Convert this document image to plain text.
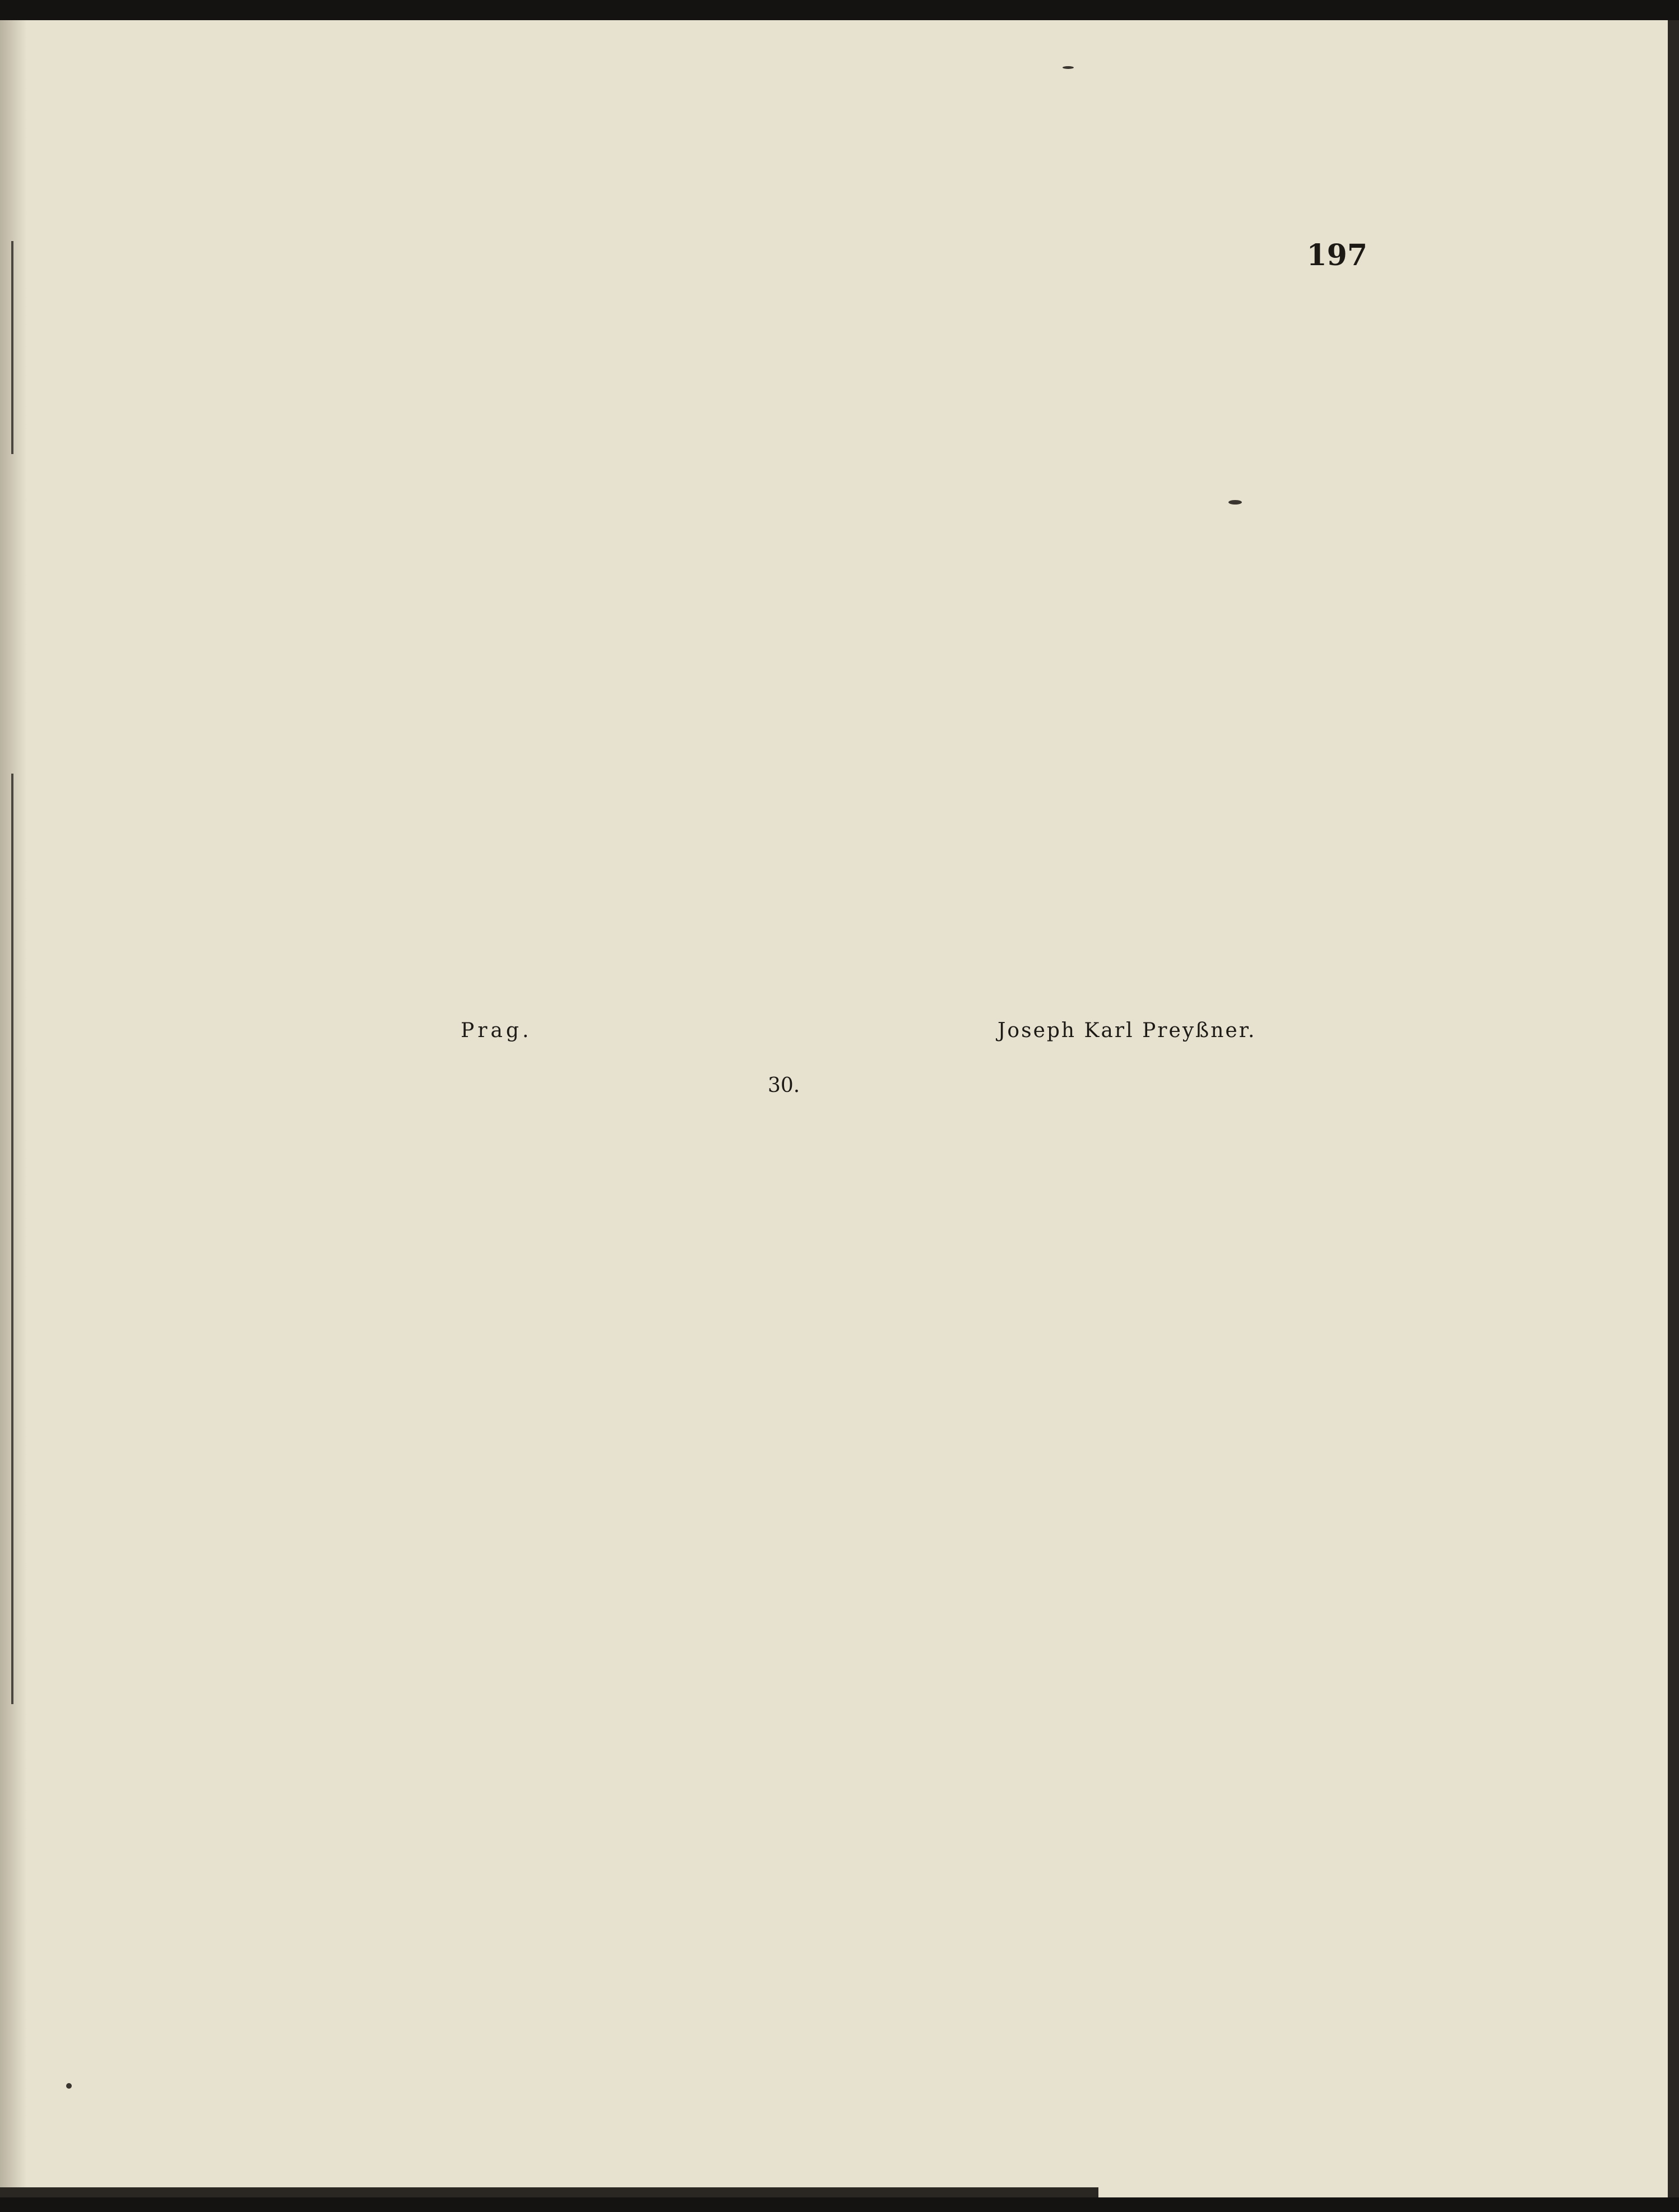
197
Prag.	Joseph Karl Preyßner.
30.
